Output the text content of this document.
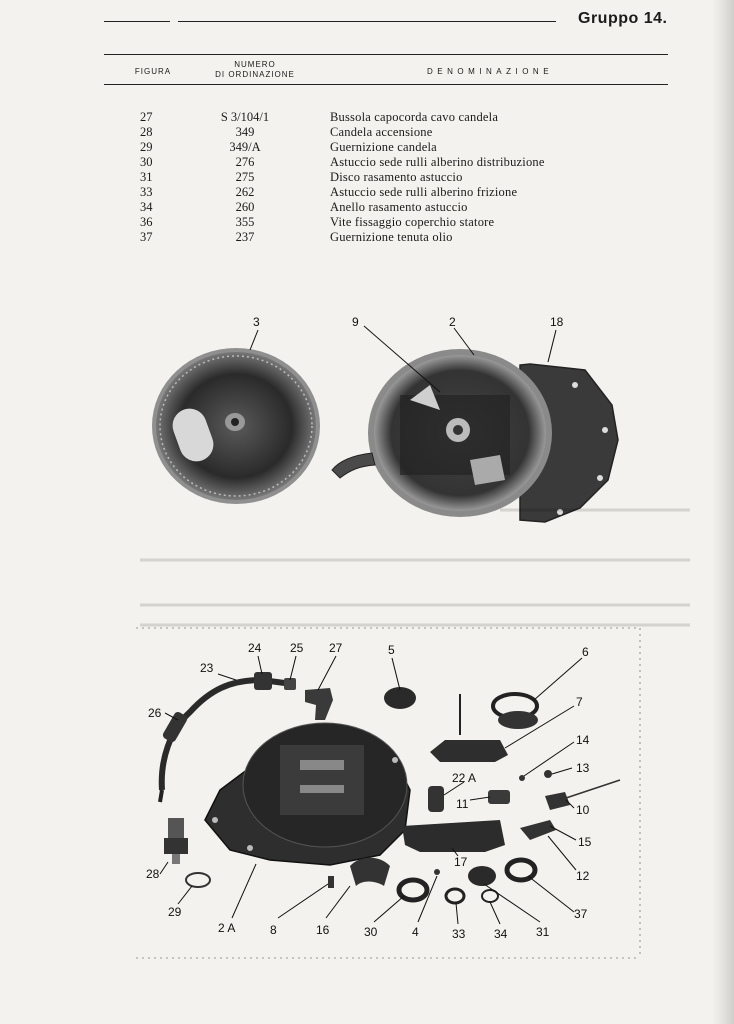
Gruppo 14.
FIGURA
NUMERO
DI ORDINAZIONE	DENOMINAZIONE
27	S 3/104/1	Bussola capocorda cavo candela
28	349	Candela accensione
29	349/A	Guernizione candela
30	276	Astuccio sede rulli alberino distribuzione
31	275	Disco rasamento astuccio
33	262	Astuccio sede rulli alberino frizione
34	260	Anello rasamento astuccio
36	355	Vite fissaggio coperchio statore
37	237	Guernizione tenuta olio
3	9	2	18
24 25 27	5	6
23
26
7
14
22 A
13
11	10
15
28
17
12
29
2 A	8	16	30	4	33 34 31
37
